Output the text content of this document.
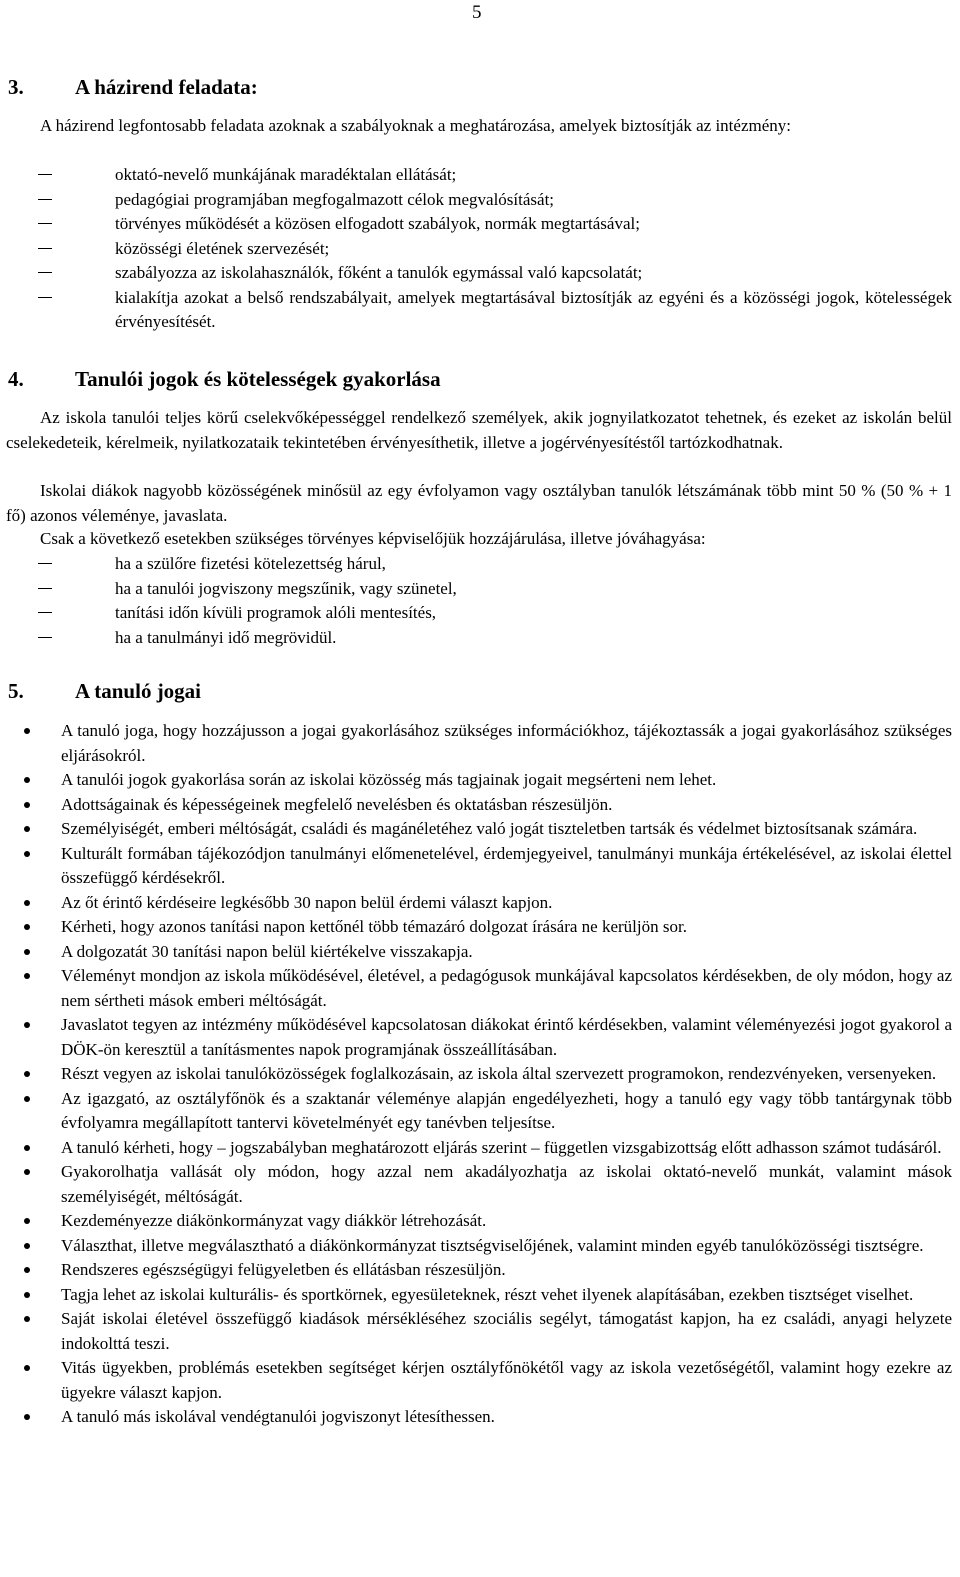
5
3.	A házirend feladata:

A házirend legfontosabb feladata azoknak a szabályoknak a meghatározása, amelyek biztosítják az intézmény:

oktató-nevelő munkájának maradéktalan ellátását;
pedagógiai programjában megfogalmazott célok megvalósítását;
törvényes működését a közösen elfogadott szabályok, normák megtartásával;
közösségi életének szervezését;
szabályozza az iskolahasználók, főként a tanulók egymással való kapcsolatát;
kialakítja azokat a belső rendszabályait, amelyek megtartásával biztosítják az egyéni és a közösségi jogok, kötelességek érvényesítését.
4.	Tanulói jogok és kötelességek gyakorlása

Az iskola tanulói teljes körű cselekvőképességgel rendelkező személyek, akik jognyilatkozatot tehetnek, és ezeket az iskolán belül cselekedeteik, kérelmeik, nyilatkozataik tekintetében érvényesíthetik, illetve a jogérvényesítéstől tartózkodhatnak.

Iskolai diákok nagyobb közösségének minősül az egy évfolyamon vagy osztályban tanulók létszámának több mint 50 % (50 % + 1 fő) azonos véleménye, javaslata.

Csak a következő esetekben szükséges törvényes képviselőjük hozzájárulása, illetve jóváhagyása:

ha a szülőre fizetési kötelezettség hárul,
ha a tanulói jogviszony megszűnik, vagy szünetel,
tanítási időn kívüli programok alóli mentesítés,
ha a tanulmányi idő megrövidül.
5.	A tanuló jogai
A tanuló joga, hogy hozzájusson a jogai gyakorlásához szükséges információkhoz, tájékoztassák a jogai gyakorlásához szükséges eljárásokról.
A tanulói jogok gyakorlása során az iskolai közösség más tagjainak jogait megsérteni nem lehet.
Adottságainak és képességeinek megfelelő nevelésben és oktatásban részesüljön.
Személyiségét, emberi méltóságát, családi és magánéletéhez való jogát tiszteletben tartsák és védelmet biztosítsanak számára.
Kulturált formában tájékozódjon tanulmányi előmenetelével, érdemjegyeivel, tanulmányi munkája értékelésével, az iskolai élettel összefüggő kérdésekről.
Az őt érintő kérdéseire legkésőbb 30 napon belül érdemi választ kapjon.
Kérheti, hogy azonos tanítási napon kettőnél több témazáró dolgozat írására ne kerüljön sor.
A dolgozatát 30 tanítási napon belül kiértékelve visszakapja.
Véleményt mondjon az iskola működésével, életével, a pedagógusok munkájával kapcsolatos kérdésekben, de oly módon, hogy az nem sértheti mások emberi méltóságát.
Javaslatot tegyen az intézmény működésével kapcsolatosan diákokat érintő kérdésekben, valamint véleményezési jogot gyakorol a DÖK-ön keresztül a tanításmentes napok programjának összeállításában.
Részt vegyen az iskolai tanulóközösségek foglalkozásain, az iskola által szervezett programokon, rendezvényeken, versenyeken.
Az igazgató, az osztályfőnök és a szaktanár véleménye alapján engedélyezheti, hogy a tanuló egy vagy több tantárgynak több évfolyamra megállapított tantervi követelményét egy tanévben teljesítse.
A tanuló kérheti, hogy – jogszabályban meghatározott eljárás szerint – független vizsgabizottság előtt adhasson számot tudásáról.
Gyakorolhatja vallását oly módon, hogy azzal nem akadályozhatja az iskolai oktató-nevelő munkát, valamint mások személyiségét, méltóságát.
Kezdeményezze diákönkormányzat vagy diákkör létrehozását.
Választhat, illetve megválasztható a diákönkormányzat tisztségviselőjének, valamint minden egyéb tanulóközösségi tisztségre.
Rendszeres egészségügyi felügyeletben és ellátásban részesüljön.
Tagja lehet az iskolai kulturális- és sportkörnek, egyesületeknek, részt vehet ilyenek alapításában, ezekben tisztséget viselhet.
Saját iskolai életével összefüggő kiadások mérsékléséhez szociális segélyt, támogatást kapjon, ha ez családi, anyagi helyzete indokolttá teszi.
Vitás ügyekben, problémás esetekben segítséget kérjen osztályfőnökétől vagy az iskola vezetőségétől, valamint hogy ezekre az ügyekre választ kapjon.
A tanuló más iskolával vendégtanulói jogviszonyt létesíthessen.
